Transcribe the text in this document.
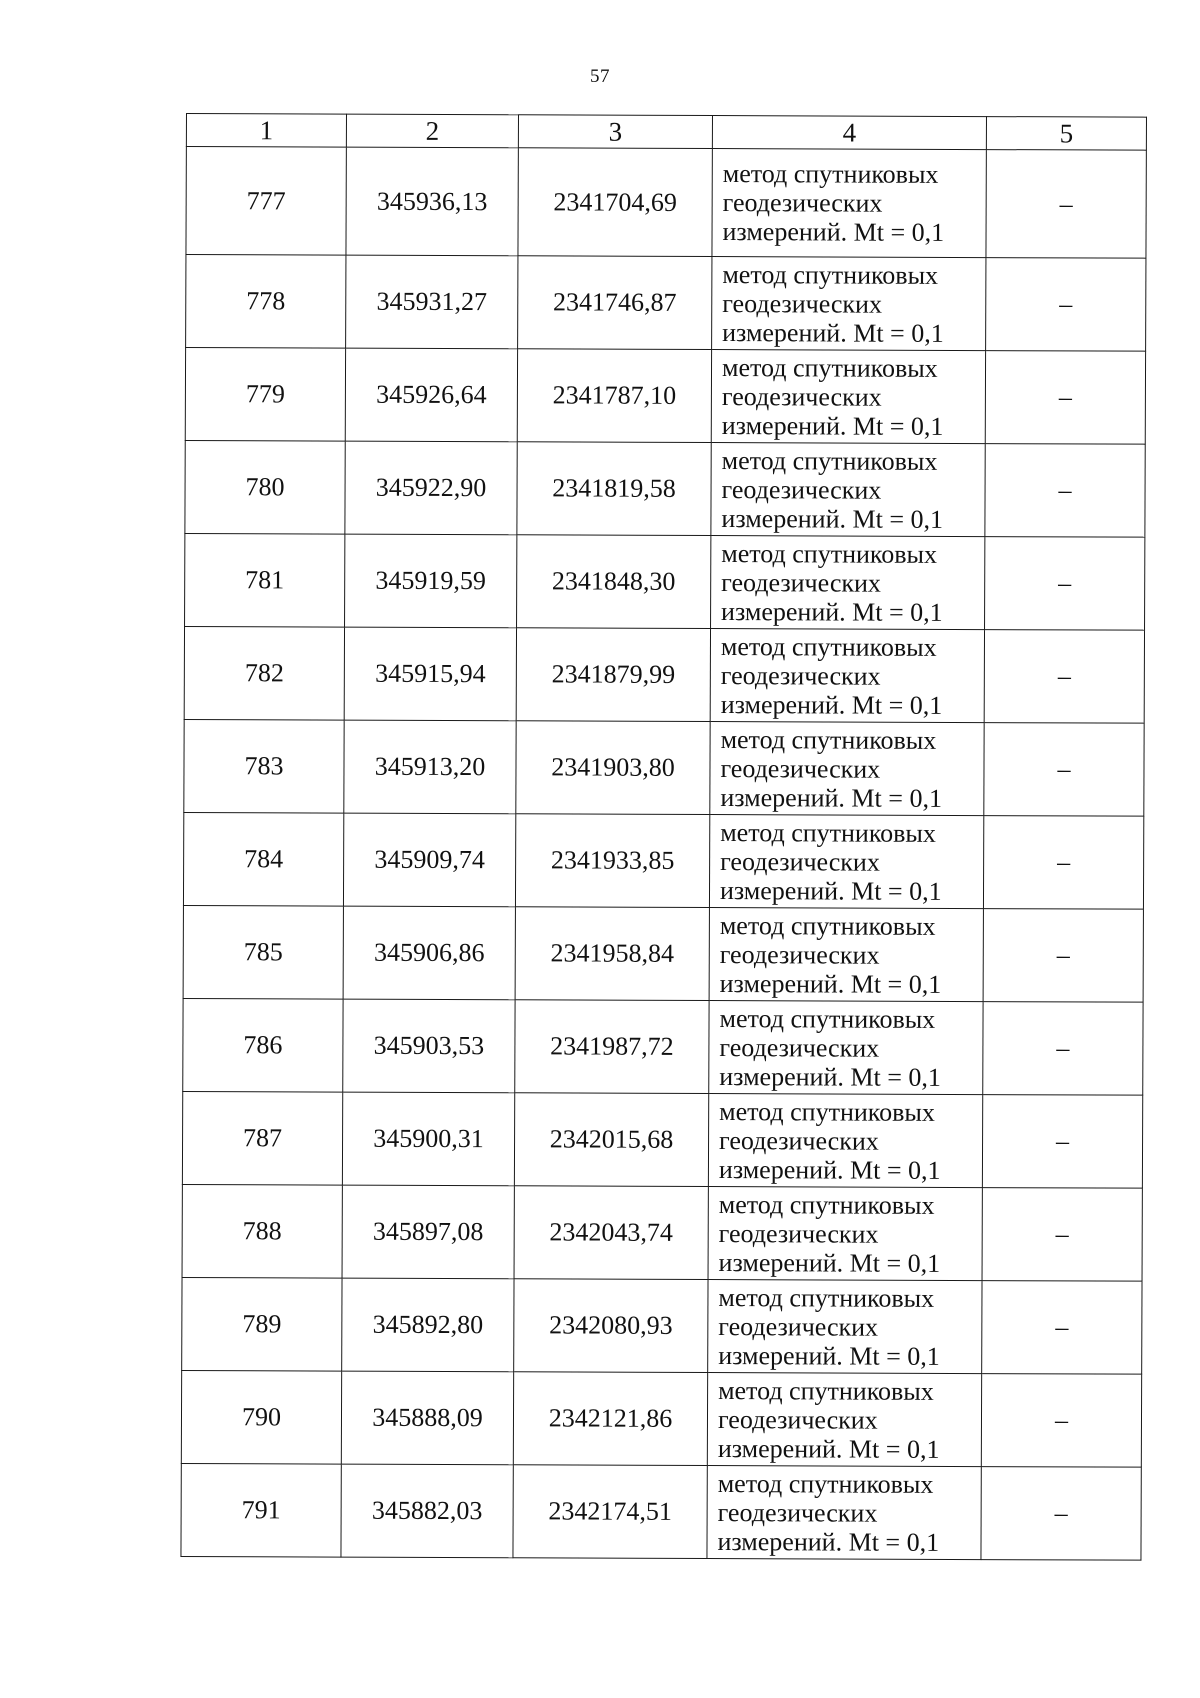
57
1	2	3	4	5
777	345936,13	2341704,69	метод спутниковых
геодезических
измерений. Mt = 0,1	–
778	345931,27	2341746,87	метод спутниковых
геодезических
измерений. Mt = 0,1	–
779	345926,64	2341787,10	метод спутниковых
геодезических
измерений. Mt = 0,1	–
780	345922,90	2341819,58	метод спутниковых
геодезических
измерений. Mt = 0,1	–
781	345919,59	2341848,30	метод спутниковых
геодезических
измерений. Mt = 0,1	–
782	345915,94	2341879,99	метод спутниковых
геодезических
измерений. Mt = 0,1	–
783	345913,20	2341903,80	метод спутниковых
геодезических
измерений. Mt = 0,1	–
784	345909,74	2341933,85	метод спутниковых
геодезических
измерений. Mt = 0,1	–
785	345906,86	2341958,84	метод спутниковых
геодезических
измерений. Mt = 0,1	–
786	345903,53	2341987,72	метод спутниковых
геодезических
измерений. Mt = 0,1	–
787	345900,31	2342015,68	метод спутниковых
геодезических
измерений. Mt = 0,1	–
788	345897,08	2342043,74	метод спутниковых
геодезических
измерений. Mt = 0,1	–
789	345892,80	2342080,93	метод спутниковых
геодезических
измерений. Mt = 0,1	–
790	345888,09	2342121,86	метод спутниковых
геодезических
измерений. Mt = 0,1	–
791	345882,03	2342174,51	метод спутниковых
геодезических
измерений. Mt = 0,1	–
